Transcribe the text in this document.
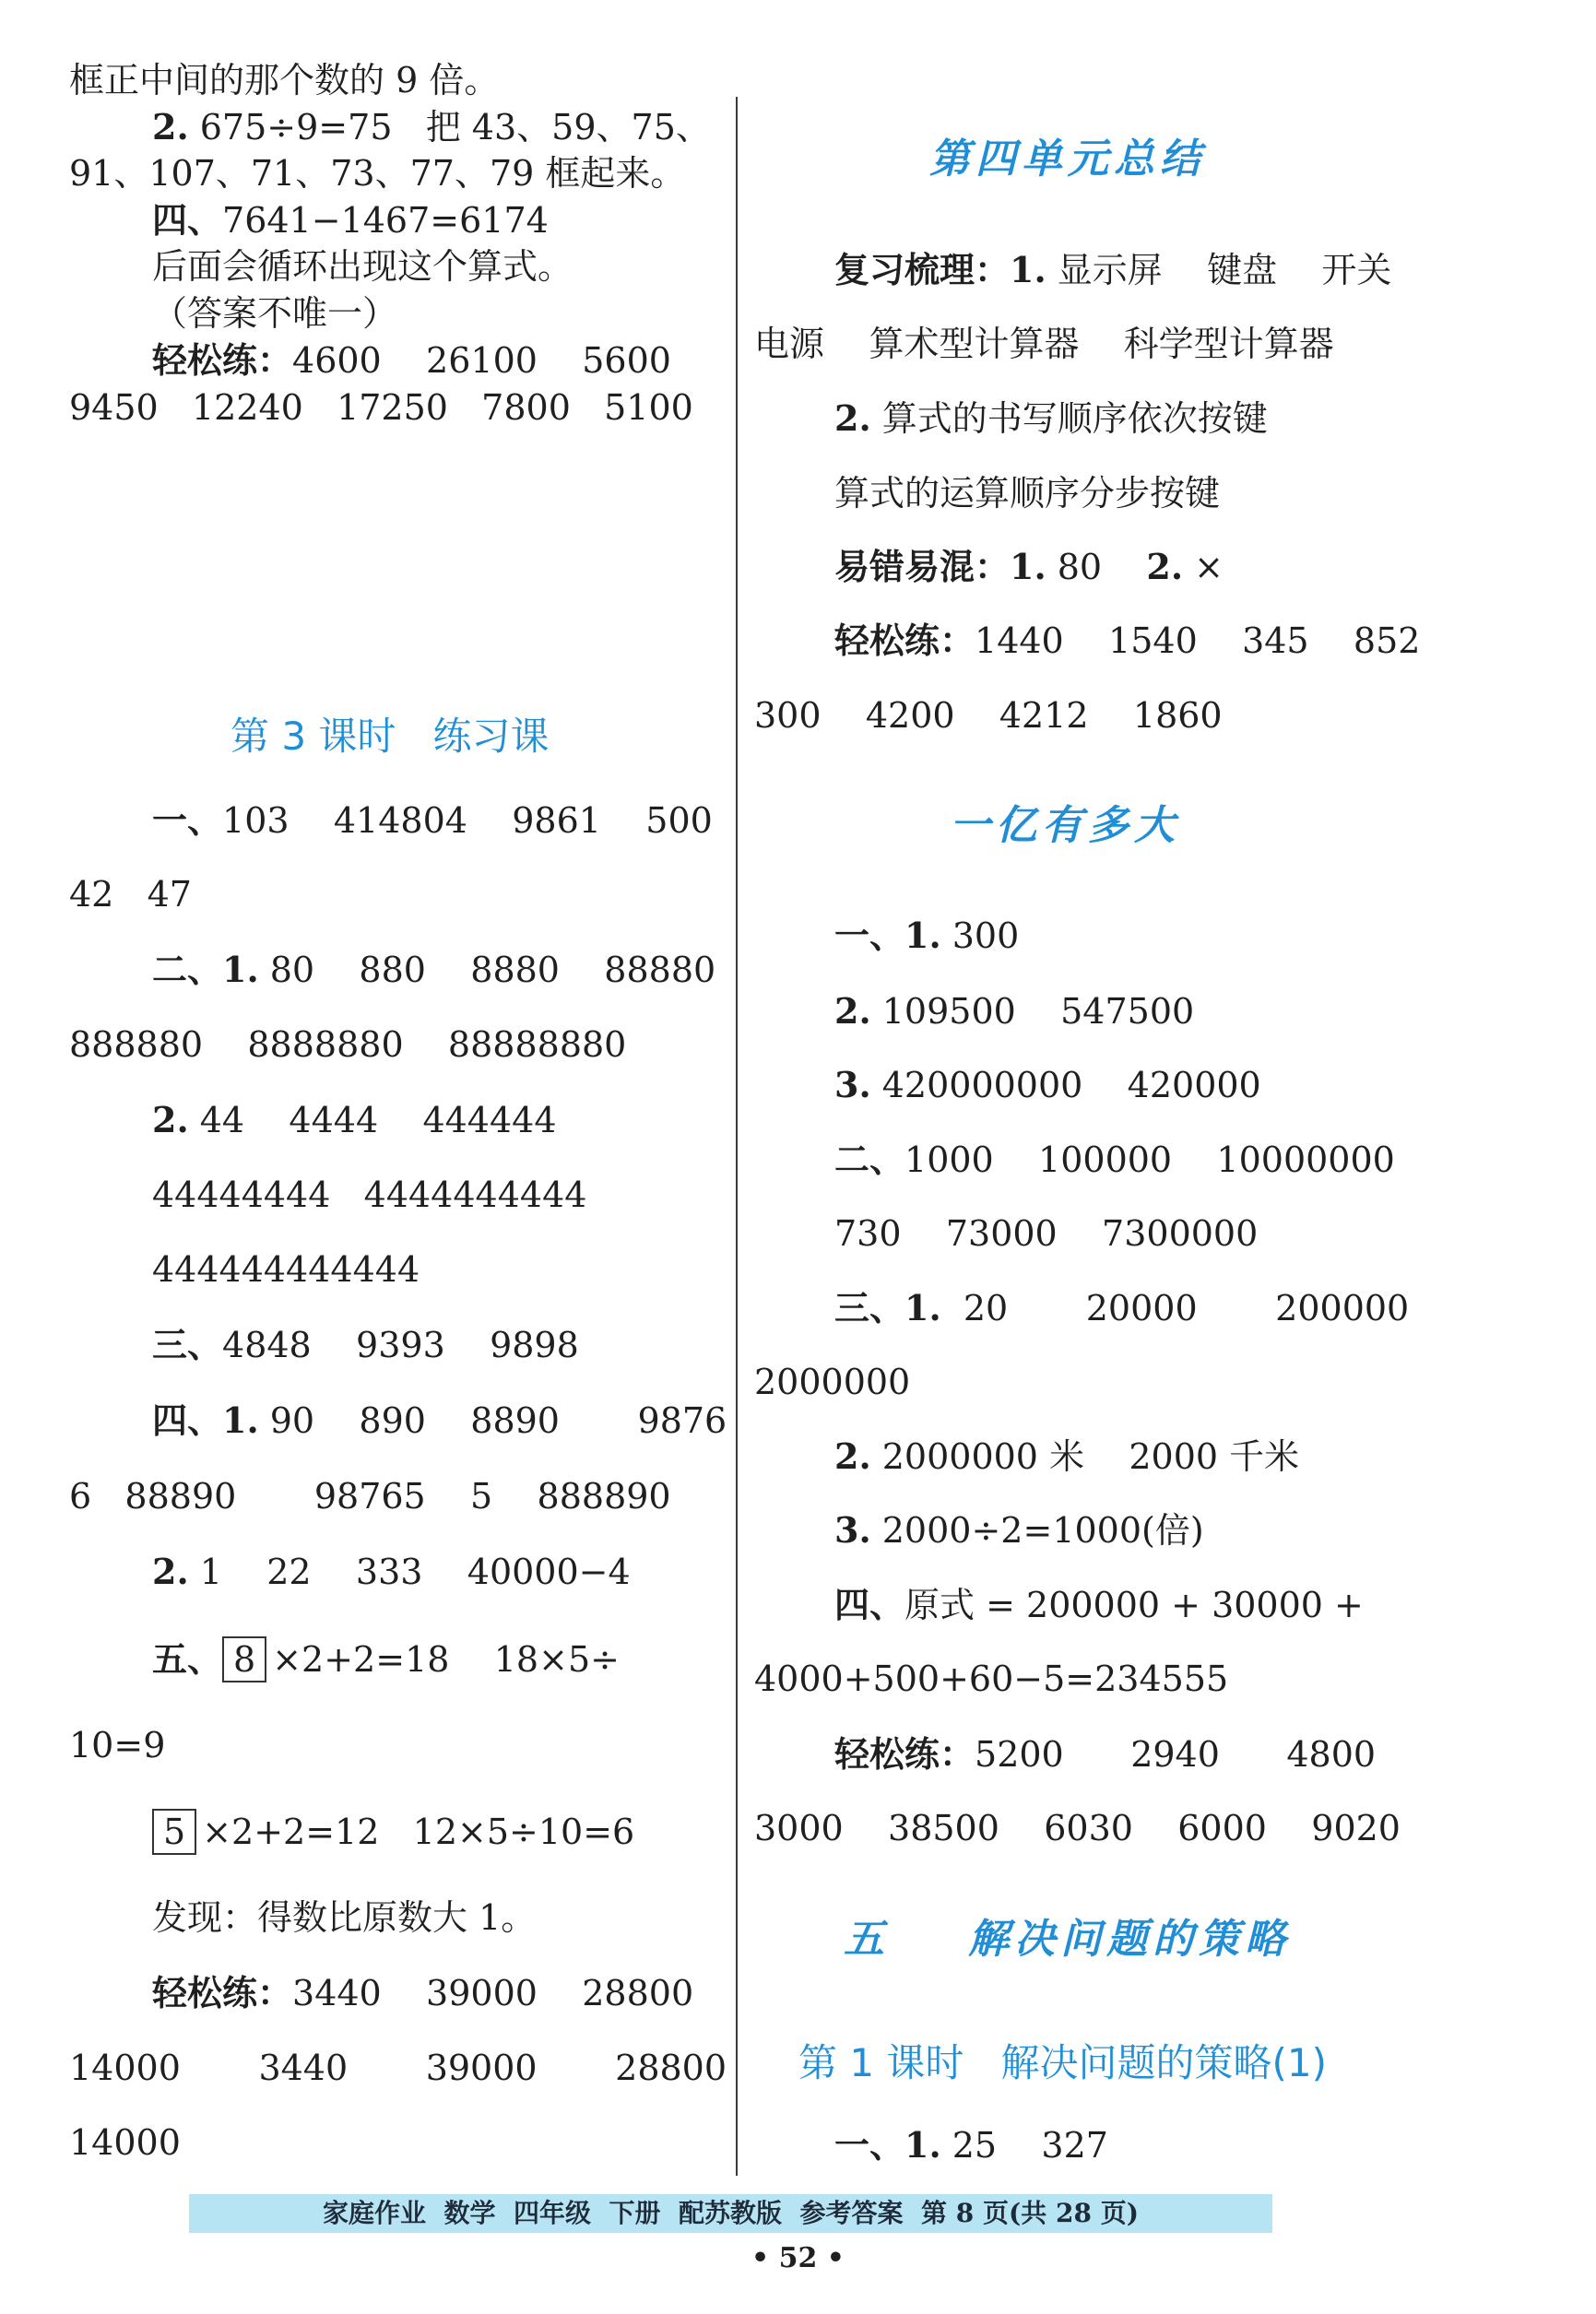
框正中间的那个数的 9 倍。
2. 675÷9=75   把 43、59、75、
91、107、71、73、77、79 框起来。
四、7641−1467=6174
后面会循环出现这个算式。
（答案不唯一）
轻松练：4600    26100    5600
9450   12240   17250   7800   5100
第 3 课时   练习课
一、103    414804    9861    500
42   47
二、1. 80    880    8880    88880
888880    8888880    88888880
2. 44    4444    444444
44444444   4444444444
444444444444
三、4848    9393    9898
四、1. 90    890    8890       9876
6   88890       98765    5    888890
2. 1    22    333    40000−4
五、 8 ×2+2=18    18×5÷
10=9
5 ×2+2=12   12×5÷10=6
发现：得数比原数大 1。
轻松练：3440    39000    28800
14000       3440       39000       28800
14000
第四单元总结
复习梳理：1. 显示屏    键盘    开关
电源    算术型计算器    科学型计算器
2. 算式的书写顺序依次按键
算式的运算顺序分步按键
易错易混：1. 80    2. ×
轻松练：1440    1540    345    852
300    4200    4212    1860
一亿有多大
一、1. 300
2. 109500    547500
3. 420000000    420000
二、1000    100000    10000000
730    73000    7300000
三、1.  20       20000       200000
2000000
2. 2000000 米    2000 千米
3. 2000÷2=1000(倍)
四、原式 = 200000 + 30000 +
4000+500+60−5=234555
轻松练：5200      2940      4800
3000    38500    6030    6000    9020
五    解决问题的策略
第 1 课时   解决问题的策略(1)
一、1. 25    327
家庭作业  数学  四年级  下册  配苏教版  参考答案  第 8 页(共 28 页)
• 52 •
